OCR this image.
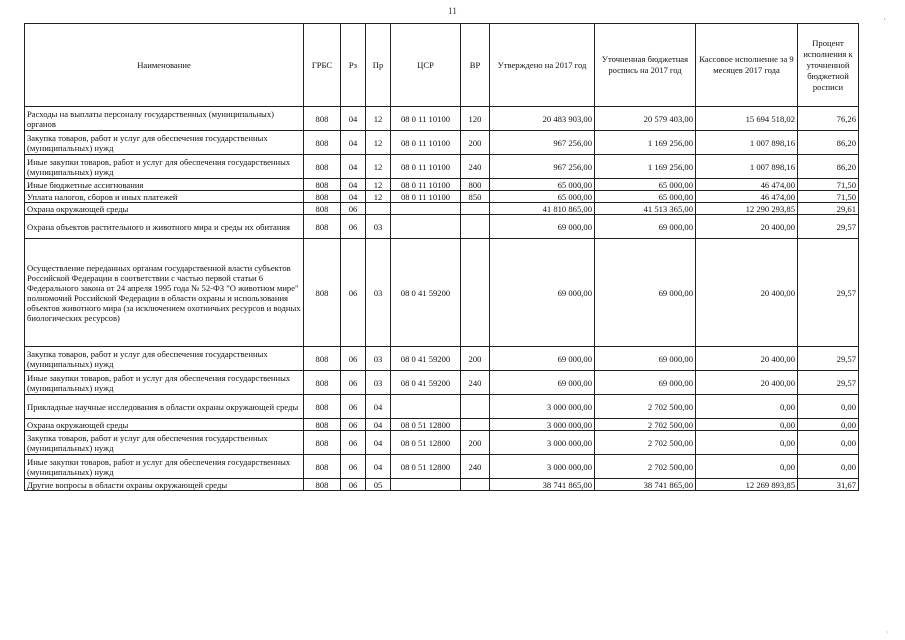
11
·
Наименование	ГРБС	Рз	Пр	ЦСР	ВР	Утверждено на 2017 год	Уточненная бюджетная роспись на 2017 год	Кассовое исполнение за 9 месяцев 2017 года	Процент исполнения к уточненной бюджетной росписи
Расходы на выплаты персоналу государственных (муниципальных) органов	808	04	12	08 0 11 10100	120	20 483 903,00	20 579 403,00	15 694 518,02	76,26
Закупка товаров, работ и услуг для обеспечения государственных (муниципальных) нужд	808	04	12	08 0 11 10100	200	967 256,00	1 169 256,00	1 007 898,16	86,20
Иные закупки товаров, работ и услуг для обеспечения государственных (муниципальных) нужд	808	04	12	08 0 11 10100	240	967 256,00	1 169 256,00	1 007 898,16	86,20
Иные бюджетные ассигнования	808	04	12	08 0 11 10100	800	65 000,00	65 000,00	46 474,00	71,50
Уплата налогов, сборов и иных платежей	808	04	12	08 0 11 10100	850	65 000,00	65 000,00	46 474,00	71,50
Охрана окружающей среды	808	06				41 810 865,00	41 513 365,00	12 290 293,85	29,61
Охрана объектов растительного и животного мира и среды их обитания	808	06	03			69 000,00	69 000,00	20 400,00	29,57
Осуществление переданных органам государственной власти субъектов Российской Федерации в соответствии с частью первой статьи 6 Федерального закона от 24 апреля 1995 года № 52-ФЗ "О животном мире" полномочий Российской Федерации в области охраны и использования объектов животного мира (за исключением охотничьих ресурсов и водных биологических ресурсов)	808	06	03	08 0 41 59200		69 000,00	69 000,00	20 400,00	29,57
Закупка товаров, работ и услуг для обеспечения государственных (муниципальных) нужд	808	06	03	08 0 41 59200	200	69 000,00	69 000,00	20 400,00	29,57
Иные закупки товаров, работ и услуг для обеспечения государственных (муниципальных) нужд	808	06	03	08 0 41 59200	240	69 000,00	69 000,00	20 400,00	29,57
Прикладные научные исследования в области охраны окружающей среды	808	06	04			3 000 000,00	2 702 500,00	0,00	0,00
Охрана окружающей среды	808	06	04	08 0 51 12800		3 000 000,00	2 702 500,00	0,00	0,00
Закупка товаров, работ и услуг для обеспечения государственных (муниципальных) нужд	808	06	04	08 0 51 12800	200	3 000 000,00	2 702 500,00	0,00	0,00
Иные закупки товаров, работ и услуг для обеспечения государственных (муниципальных) нужд	808	06	04	08 0 51 12800	240	3 000 000,00	2 702 500,00	0,00	0,00
Другие вопросы в области охраны окружающей среды	808	06	05			38 741 865,00	38 741 865,00	12 269 893,85	31,67
·
